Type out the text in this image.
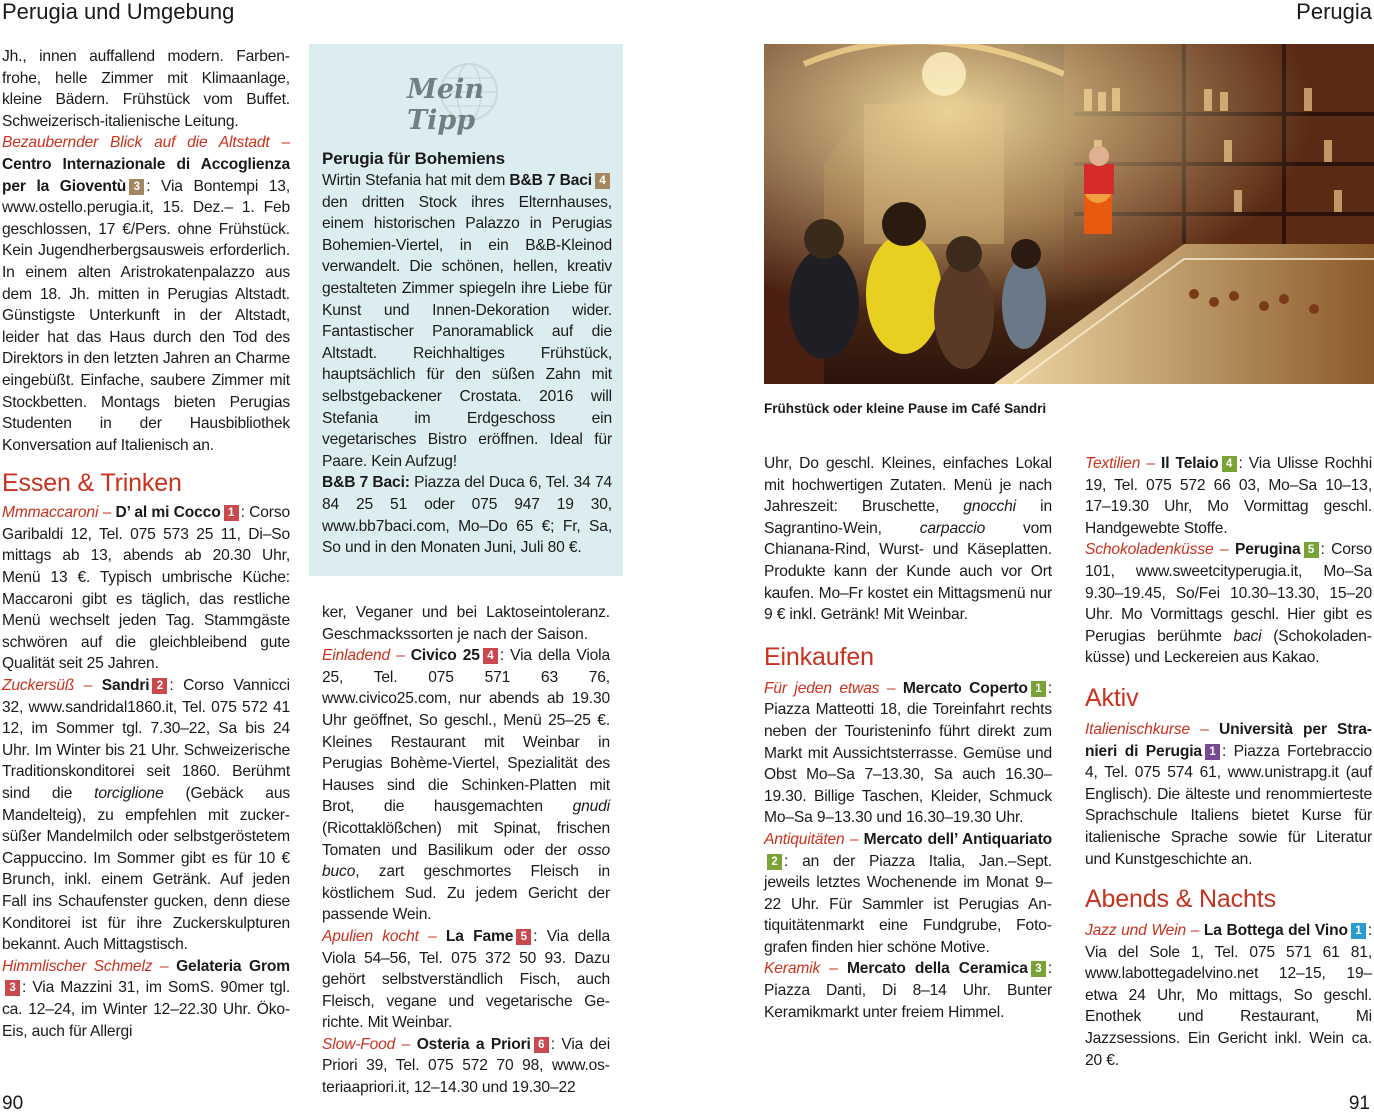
Perugia und Umgebung	Perugia

Jh., innen auffallend modern. Farbenfrohe, helle Zimmer mit Klimaanlage, kleine Bädern. Frühstück vom Buffet. Schweizerisch-italienische Leitung.

Bezaubernder Blick auf die Altstadt – Centro Internazionale di Accoglienza per la Gioventù 3 : Via Bontempi 13, www.ostello.perugia.it, 15. Dez.– 1. Feb geschlossen, 17 €/Pers. ohne Frühstück. Kein Jugendherbergsausweis erforderlich. In einem alten Aristrokatenpalazzo aus dem 18. Jh. mitten in Perugias Altstadt. Günstigste Unterkunft in der Altstadt, leider hat das Haus durch den Tod des Direktors in den letzten Jahren an Charme eingebüßt. Einfache, saubere Zimmer mit Stockbetten. Montags bieten Perugias Studenten in der Hausbibliothek Konversation auf Italienisch an.

Essen & Trinken

Mmmaccaroni – D’ al mi Cocco 1 : Corso Garibaldi 12, Tel. 075 573 25 11, Di–So mittags ab 13, abends ab 20.30 Uhr, Menü 13 €. Typisch umbrische Küche: Maccaroni gibt es täglich, das restliche Menü wechselt jeden Tag. Stammgäste schwören auf die gleichbleibend gute Qualität seit 25 Jahren.

Zuckersüß – Sandri 2 : Corso Vannicci 32, www.sandridal1860.it, Tel. 075 572 41 12, im Sommer tgl. 7.30–22, Sa bis 24 Uhr. Im Winter bis 21 Uhr. Schweizerische Traditionskonditorei seit 1860. Berühmt sind die torciglione (Gebäck aus Mandelteig), zu empfehlen mit zuckersüßer Mandelmilch oder selbstgeröstetem Cappuccino. Im Sommer gibt es für 10 € Brunch, inkl. einem Getränk. Auf jeden Fall ins Schaufenster gucken, denn diese Konditorei ist für ihre Zuckerskulpturen bekannt. Auch Mittagstisch.

Himmlischer Schmelz – Gelateria Grom3 : Via Mazzini 31, im SomS. 90mer tgl. ca. 12–24, im Winter 12–22.30 Uhr. Öko-Eis, auch für Allergi

Mein Tipp
Perugia für Bohemiens

Wirtin Stefania hat mit dem B&B 7 Baci 4 den dritten Stock ihres Elternhauses, einem historischen Palazzo in Perugias Bohemien-Viertel, in ein B&B-Kleinod verwandelt. Die schönen, hellen, kreativ gestalteten Zimmer spiegeln ihre Liebe für Kunst und Innen-Dekoration wider. Fantastischer Panoramablick auf die Altstadt. Reichhaltiges Frühstück, hauptsächlich für den süßen Zahn mit selbstgebackener Crostata. 2016 will Stefania im Erdgeschoss ein vegetarisches Bistro eröffnen. Ideal für Paare. Kein Aufzug!

B&B 7 Baci: Piazza del Duca 6, Tel. 34 74 84 25 51 oder 075 947 19 30, www.bb7baci.com, Mo–Do 65 €; Fr, Sa, So und in den Monaten Juni, Juli 80 €.

ker, Veganer und bei Laktoseintoleranz. Geschmackssorten je nach der Saison.

Einladend – Civico 25 4 : Via della Viola 25, Tel. 075 571 63 76, www.civico25.com, nur abends ab 19.30 Uhr geöffnet, So geschl., Menü 25–25 €. Kleines Restaurant mit Weinbar in Perugias Bohème-Viertel, Spezialität des Hauses sind die Schinken-Platten mit Brot, die hausgemachten gnudi (Ricottaklößchen) mit Spinat, frischen Tomaten und Basilikum oder der osso buco, zart geschmortes Fleisch in köstlichem Sud. Zu jedem Gericht der passende Wein.

Apulien kocht – La Fame 5 : Via della Viola 54–56, Tel. 075 372 50 93. Dazu gehört selbstverständlich Fisch, auch Fleisch, vegane und vegetarische Gerichte. Mit Weinbar.

Slow-Food – Osteria a Priori 6 : Via dei Priori 39, Tel. 075 572 70 98, www.osteriaapriori.it, 12–14.30 und 19.30–22

Frühstück oder kleine Pause im Café Sandri

Uhr, Do geschl. Kleines, einfaches Lokal mit hochwertigen Zutaten. Menü je nach Jahreszeit: Bruschette, gnocchi in Sagrantino-Wein, carpaccio vom Chianana-Rind, Wurst- und Käseplatten. Produkte kann der Kunde auch vor Ort kaufen. Mo–Fr kostet ein Mittagsmenü nur 9 € inkl. Getränk! Mit Weinbar.

Einkaufen

Für jeden etwas – Mercato Coperto 1 : Piazza Matteotti 18, die Toreinfahrt rechts neben der Touristeninfo führt direkt zum Markt mit Aussichtsterrasse. Gemüse und Obst Mo–Sa 7–13.30, Sa auch 16.30–19.30. Billige Taschen, Kleider, Schmuck Mo–Sa 9–13.30 und 16.30–19.30 Uhr.

Antiquitäten – Mercato dell’ Antiquariato2 : an der Piazza Italia, Jan.–Sept. jeweils letztes Wochenende im Monat 9–22 Uhr. Für Sammler ist Perugias Antiquitätenmarkt eine Fundgrube, Fotografen finden hier schöne Motive.

Keramik – Mercato della Ceramica 3 : Piazza Danti, Di 8–14 Uhr. Bunter Keramikmarkt unter freiem Himmel.

Textilien – Il Telaio 4 : Via Ulisse Rochhi 19, Tel. 075 572 66 03, Mo–Sa 10–13, 17–19.30 Uhr, Mo Vormittag geschl. Handgewebte Stoffe.

Schokoladenküsse – Perugina 5 : Corso 101, www.sweetcityperugia.it, Mo–Sa 9.30–19.45, So/Fei 10.30–13.30, 15–20 Uhr. Mo Vormittags geschl. Hier gibt es Perugias berühmte baci (Schokoladenküsse) und Leckereien aus Kakao.

Aktiv

Italienischkurse – Università per Stranieri di Perugia 1 : Piazza Fortebraccio 4, Tel. 075 574 61, www.unistrapg.it (auf Englisch). Die älteste und renommierteste Sprachschule Italiens bietet Kurse für italienische Sprache sowie für Literatur und Kunstgeschichte an.

Abends & Nachts

Jazz und Wein – La Bottega del Vino 1 : Via del Sole 1, Tel. 075 571 61 81, www.labottegadelvino.net 12–15, 19– etwa 24 Uhr, Mo mittags, So geschl. Enothek und Restaurant, Mi Jazzsessions. Ein Gericht inkl. Wein ca. 20 €.

90	91
